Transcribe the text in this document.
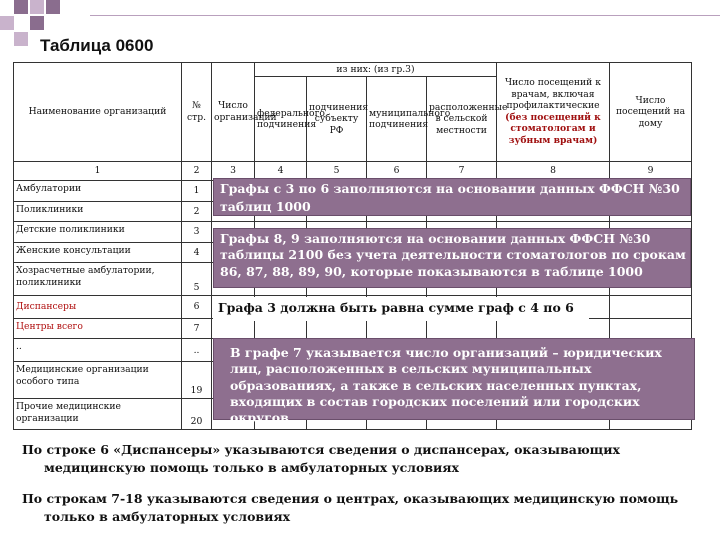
Таблица 0600
Наименование организаций	№ стр.	Число организаций	из них: (из гр.3)				Число посещений к врачам, включая профилактические (без посещений к стоматологам и зубным врачам)	Число посещений на дому
			федерального подчинения	подчинения субъекту РФ	муниципального подчинения	расположенные в сельской местности		
1	2	3	4	5	6	7	8	9
Амбулатории	1							
Поликлиники	2							
Детские поликлиники	3							
Женские консультации	4							
Хозрасчетные амбулатории, поликлиники	5							
Диспансеры	6							
Центры всего	7							
..	..							
Медицинские организации особого типа	19							
Прочие медицинские организации	20							
Графы с 3 по 6 заполняются на основании данных ФФСН №30 таблиц 1000
Графы 8, 9 заполняются на основании данных ФФСН №30 таблицы 2100 без учета деятельности стоматологов по срокам 86, 87, 88, 89, 90, которые показываются в таблице 1000
Графа 3 должна быть равна сумме граф с 4 по 6
В графе 7 указывается число организаций – юридических лиц, расположенных в сельских муниципальных образованиях, а также в сельских населенных пунктах, входящих в состав городских поселений или городских округов
По строке 6 «Диспансеры» указываются сведения о диспансерах, оказывающих
медицинскую помощь только в амбулаторных условиях
По строкам 7-18 указываются сведения о центрах, оказывающих медицинскую помощь
только в амбулаторных условиях
